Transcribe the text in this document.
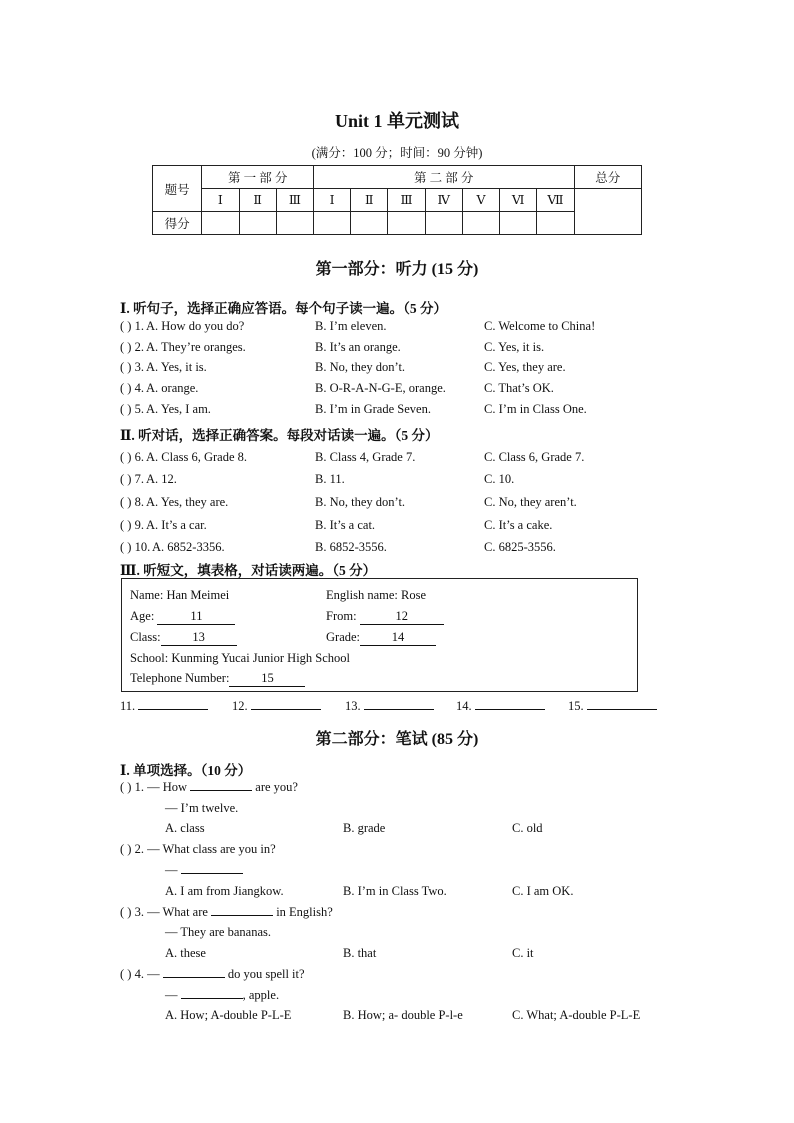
Unit 1 单元测试
(满分：100 分；时间：90 分钟)
题号	第 一 部 分			第 二 部 分							总分
	Ⅰ	Ⅱ	Ⅲ	Ⅰ	Ⅱ	Ⅲ	Ⅳ	Ⅴ	Ⅵ	Ⅶ	
得分											
第一部分：听力 (15 分)
Ⅰ. 听句子，选择正确应答语。每个句子读一遍。（5 分）
( ) 1. A. How do you do?	B. I’m eleven.	C. Welcome to China!
( ) 2. A. They’re oranges.	B. It’s an orange.	C. Yes, it is.
( ) 3. A. Yes, it is.	B. No, they don’t.	C. Yes, they are.
( ) 4. A. orange.	B. O-R-A-N-G-E, orange.	C. That’s OK.
( ) 5. A. Yes, I am.	B. I’m in Grade Seven.	C. I’m in Class One.
Ⅱ. 听对话，选择正确答案。每段对话读一遍。（5 分）
( ) 6. A. Class 6, Grade 8.	B. Class 4, Grade 7.	C. Class 6, Grade 7.
( ) 7. A. 12.	B. 11.	C. 10.
( ) 8. A. Yes, they are.	B. No, they don’t.	C. No, they aren’t.
( ) 9. A. It’s a car.	B. It’s a cat.	C. It’s a cake.
( ) 10. A. 6852-3356.	B. 6852-3556.	C. 6825-3556.
Ⅲ. 听短文，填表格，对话读两遍。（5 分）
Name: Han Meimei	English name: Rose
Age:	11	From:	12
Class:	13	Grade:	14
School: Kunming Yucai Junior High School
Telephone Number:	15
11.	12.	13.	14.	15.
第二部分：笔试 (85 分)
Ⅰ. 单项选择。（10 分）
( ) 1. — How	are you?
— I’m twelve.
A. class	B. grade	C. old
( ) 2. — What class are you in?
—
A. I am from Jiangkow.	B. I’m in Class Two.	C. I am OK.
( ) 3. — What are	in English?
— They are bananas.
A. these	B. that	C. it
( ) 4. —	do you spell it?
—	, apple.
A. How; A-double P-L-E	B. How; a- double P-l-e	C. What; A-double P-L-E
